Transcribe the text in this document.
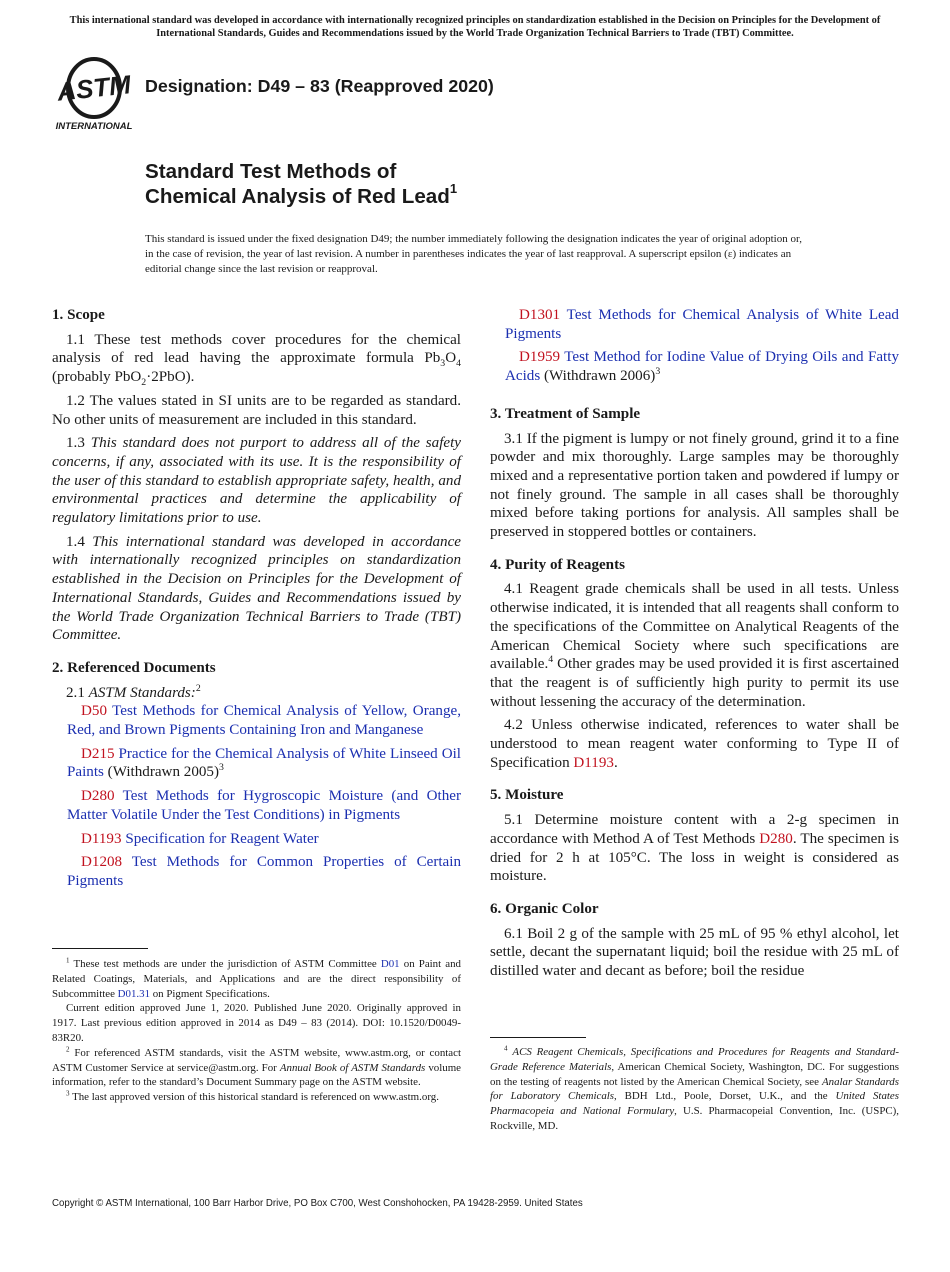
This international standard was developed in accordance with internationally recognized principles on standardization established in the Decision on Principles for the Development of International Standards, Guides and Recommendations issued by the World Trade Organization Technical Barriers to Trade (TBT) Committee.
ASTM
INTERNATIONAL
Designation: D49 – 83 (Reapproved 2020)
Standard Test Methods of
Chemical Analysis of Red Lead$^1$
This standard is issued under the fixed designation D49; the number immediately following the designation indicates the year of original adoption or, in the case of revision, the year of last revision. A number in parentheses indicates the year of last reapproval. A superscript epsilon (ε) indicates an editorial change since the last revision or reapproval.
1. Scope

1.1 These test methods cover procedures for the chemical analysis of red lead having the approximate formula $Pb_3O_4$ (probably PbO$_2$·2PbO).

1.2 The values stated in SI units are to be regarded as standard. No other units of measurement are included in this standard.

1.3 This standard does not purport to address all of the safety concerns, if any, associated with its use. It is the responsibility of the user of this standard to establish appropriate safety, health, and environmental practices and determine the applicability of regulatory limitations prior to use.

1.4 This international standard was developed in accordance with internationally recognized principles on standardization established in the Decision on Principles for the Development of International Standards, Guides and Recommendations issued by the World Trade Organization Technical Barriers to Trade (TBT) Committee.

2. Referenced Documents

2.1 ASTM Standards:$^2$

D50 Test Methods for Chemical Analysis of Yellow, Orange, Red, and Brown Pigments Containing Iron and Manganese

D215 Practice for the Chemical Analysis of White Linseed Oil Paints (Withdrawn 2005)$^3$

D280 Test Methods for Hygroscopic Moisture (and Other Matter Volatile Under the Test Conditions) in Pigments

D1193 Specification for Reagent Water

D1208 Test Methods for Common Properties of Certain Pigments

D1301 Test Methods for Chemical Analysis of White Lead Pigments

D1959 Test Method for Iodine Value of Drying Oils and Fatty Acids (Withdrawn 2006)$^3$

3. Treatment of Sample

3.1 If the pigment is lumpy or not finely ground, grind it to a fine powder and mix thoroughly. Large samples may be thoroughly mixed and a representative portion taken and powdered if lumpy or not finely ground. The sample in all cases shall be thoroughly mixed before taking portions for analysis. All samples shall be preserved in stoppered bottles or containers.

4. Purity of Reagents

4.1 Reagent grade chemicals shall be used in all tests. Unless otherwise indicated, it is intended that all reagents shall conform to the specifications of the Committee on Analytical Reagents of the American Chemical Society where such specifications are available.$^4$ Other grades may be used provided it is first ascertained that the reagent is of sufficiently high purity to permit its use without lessening the accuracy of the determination.

4.2 Unless otherwise indicated, references to water shall be understood to mean reagent water conforming to Type II of Specification D1193.

5. Moisture

5.1 Determine moisture content with a 2-g specimen in accordance with Method A of Test Methods D280. The specimen is dried for 2 h at 105°C. The loss in weight is considered as moisture.

6. Organic Color

6.1 Boil 2 g of the sample with 25 mL of 95 % ethyl alcohol, let settle, decant the supernatant liquid; boil the residue with 25 mL of distilled water and decant as before; boil the residue

$^1$ These test methods are under the jurisdiction of ASTM Committee D01 on Paint and Related Coatings, Materials, and Applications and are the direct responsibility of Subcommittee D01.31 on Pigment Specifications.

Current edition approved June 1, 2020. Published June 2020. Originally approved in 1917. Last previous edition approved in 2014 as D49 – 83 (2014). DOI: 10.1520/D0049-83R20.

$^2$ For referenced ASTM standards, visit the ASTM website, www.astm.org, or contact ASTM Customer Service at service@astm.org. For Annual Book of ASTM Standards volume information, refer to the standard’s Document Summary page on the ASTM website.

$^3$ The last approved version of this historical standard is referenced on www.astm.org.

$^4$ ACS Reagent Chemicals, Specifications and Procedures for Reagents and Standard-Grade Reference Materials, American Chemical Society, Washington, DC. For suggestions on the testing of reagents not listed by the American Chemical Society, see Analar Standards for Laboratory Chemicals, BDH Ltd., Poole, Dorset, U.K., and the United States Pharmacopeia and National Formulary, U.S. Pharmacopeial Convention, Inc. (USPC), Rockville, MD.

Copyright © ASTM International, 100 Barr Harbor Drive, PO Box C700, West Conshohocken, PA 19428-2959. United States
